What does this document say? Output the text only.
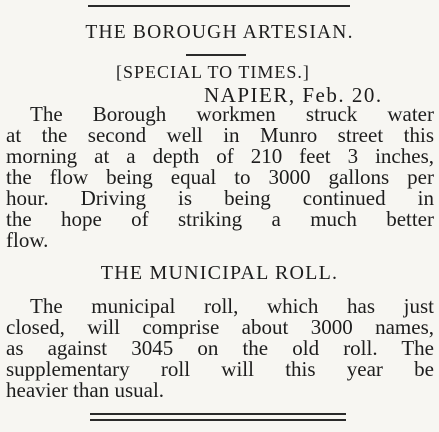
THE BOROUGH ARTESIAN.

[SPECIAL TO TIMES.]

NAPIER, Feb. 20.

The Borough workmen struck water

at the second well in Munro street this

morning at a depth of 210 feet 3 inches,

the flow being equal to 3000 gallons per

hour. Driving is being continued in

the hope of striking a much better

flow.

THE MUNICIPAL ROLL.

The municipal roll, which has just

closed, will comprise about 3000 names,

as against 3045 on the old roll. The

supplementary roll will this year be

heavier than usual.
